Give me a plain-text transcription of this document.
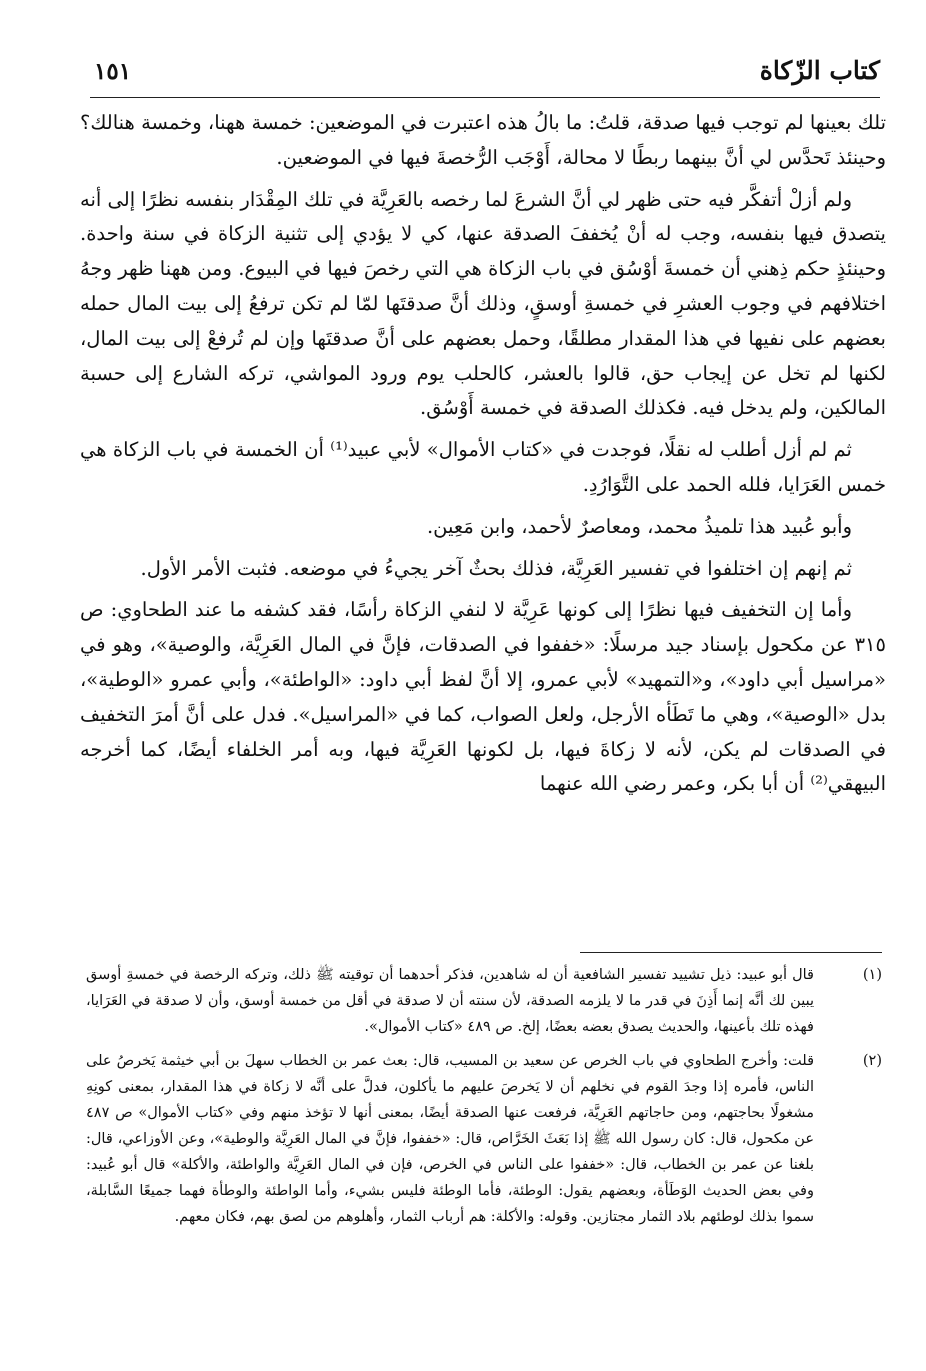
كتاب الزّكاة
١٥١

تلك بعينها لم توجب فيها صدقة، قلتُ: ما بالُ هذه اعتبرت في الموضعين: خمسة ههنا، وخمسة هنالك؟ وحينئذ تَحدَّس لي أنَّ بينهما ربطًا لا محالة، أَوْجَب الرُّخصةَ فيها في الموضعين.

ولم أزلْ أتفكَّر فيه حتى ظهر لي أنَّ الشرعَ لما رخصه بالعَرِيَّة في تلك المِقْدَار بنفسه نظرًا إلى أنه يتصدق فيها بنفسه، وجب له أنْ يُخففَ الصدقة عنها، كي لا يؤدي إلى تثنية الزكاة في سنة واحدة. وحينئذٍ حكم ذِهني أن خمسةَ أوْسُق في باب الزكاة هي التي رخصَ فيها في البيوع. ومن ههنا ظهر وجهُ اختلافهم في وجوب العشرِ في خمسةِ أوسقٍ، وذلك أنَّ صدقتَها لمّا لم تكن ترفعُ إلى بيت المال حمله بعضهم على نفيها في هذا المقدار مطلقًا، وحمل بعضهم على أنَّ صدقتَها وإن لم تُرفعْ إلى بيت المال، لكنها لم تخل عن إيجاب حق، قالوا بالعشر، كالحلب يوم ورود المواشي، تركه الشارع إلى حسبة المالكين، ولم يدخل فيه. فكذلك الصدقة في خمسة أَوْسُق.

ثم لم أزل أطلب له نقلًا، فوجدت في «كتاب الأموال» لأبي عبيد⁽¹⁾ أن الخمسة في باب الزكاة هي خمس العَرَايا، فلله الحمد على التَّوَارُدِ.

وأبو عُبيد هذا تلميذُ محمد، ومعاصرٌ لأحمد، وابن مَعِين.

ثم إنهم إن اختلفوا في تفسير العَرِيَّة، فذلك بحثٌ آخر يجيءُ في موضعه. فثبت الأمر الأول.

وأما إن التخفيف فيها نظرًا إلى كونها عَرِيَّة لا لنفي الزكاة رأسًا، فقد كشفه ما عند الطحاوي: ص ٣١٥ عن مكحول بإسناد جيد مرسلًا: «خففوا في الصدقات، فإنَّ في المال العَرِيَّة، والوصية»، وهو في «مراسيل أبي داود»، و«التمهيد» لأبي عمرو، إلا أنَّ لفظ أبي داود: «الواطئة»، وأبي عمرو «الوطية»، بدل «الوصية»، وهي ما تَطَأه الأرجل، ولعل الصواب، كما في «المراسيل». فدل على أنَّ أمرَ التخفيف في الصدقات لم يكن، لأنه لا زكاةَ فيها، بل لكونها العَرِيَّة فيها، وبه أمر الخلفاء أيضًا، كما أخرجه البيهقي⁽²⁾ أن أبا بكر، وعمر رضي الله عنهما

(١)

قال أبو عبيد: ذيل تشييد تفسير الشافعية أن له شاهدين، فذكر أحدهما أن توقيته ﷺ ذلك، وتركه الرخصة في خمسةِ أوسق يبين لك أنَّه إنما أَذِنَ في قدر ما لا يلزمه الصدقة، لأن سنته أن لا صدقة في أقل من خمسة أوسق، وأن لا صدقة في العَرَايا، فهذه تلك بأعينها، والحديث يصدق بعضه بعضًا، إلخ. ص ٤٨٩ «كتاب الأموال».

(٢)

قلت: وأخرج الطحاوي في باب الخرص عن سعيد بن المسيب، قال: بعث عمر بن الخطاب سهلَ بن أبي خيثمة يَخرصُ على الناس، فأمره إذا وجدَ القوم في نخلهم أن لا يَخرصَ عليهم ما يأكلون، فدلَّ على أنَّه لا زكاة في هذا المقدار، بمعنى كونِهِ مشغولًا بحاجتهم، ومن حاجاتهم العَرِيَّة، فرفعت عنها الصدقة أيضًا، بمعنى أنها لا تؤخذ منهم وفي «كتاب الأموال» ص ٤٨٧ عن مكحول، قال: كان رسول الله ﷺ إذا بَعَثَ الخَرَّاص، قال: «خففوا، فإنَّ في المال العَرِيَّة والوطية»، وعن الأوزاعي، قال: بلغنا عن عمر بن الخطاب، قال: «خففوا على الناس في الخرص، فإن في المال العَرِيَّة والواطئة، والأكلة» قال أبو عُبيد: وفي بعض الحديث الوَطَأة، وبعضهم يقول: الوطئة، فأما الوطئة فليس بشيء، وأما الواطئة والوطأة فهما جميعًا السَّابلة، سموا بذلك لوطئهم بلاد الثمار مجتازين. وقوله: والأكلة: هم أرباب الثمار، وأهلوهم من لصق بهم، فكان معهم.
